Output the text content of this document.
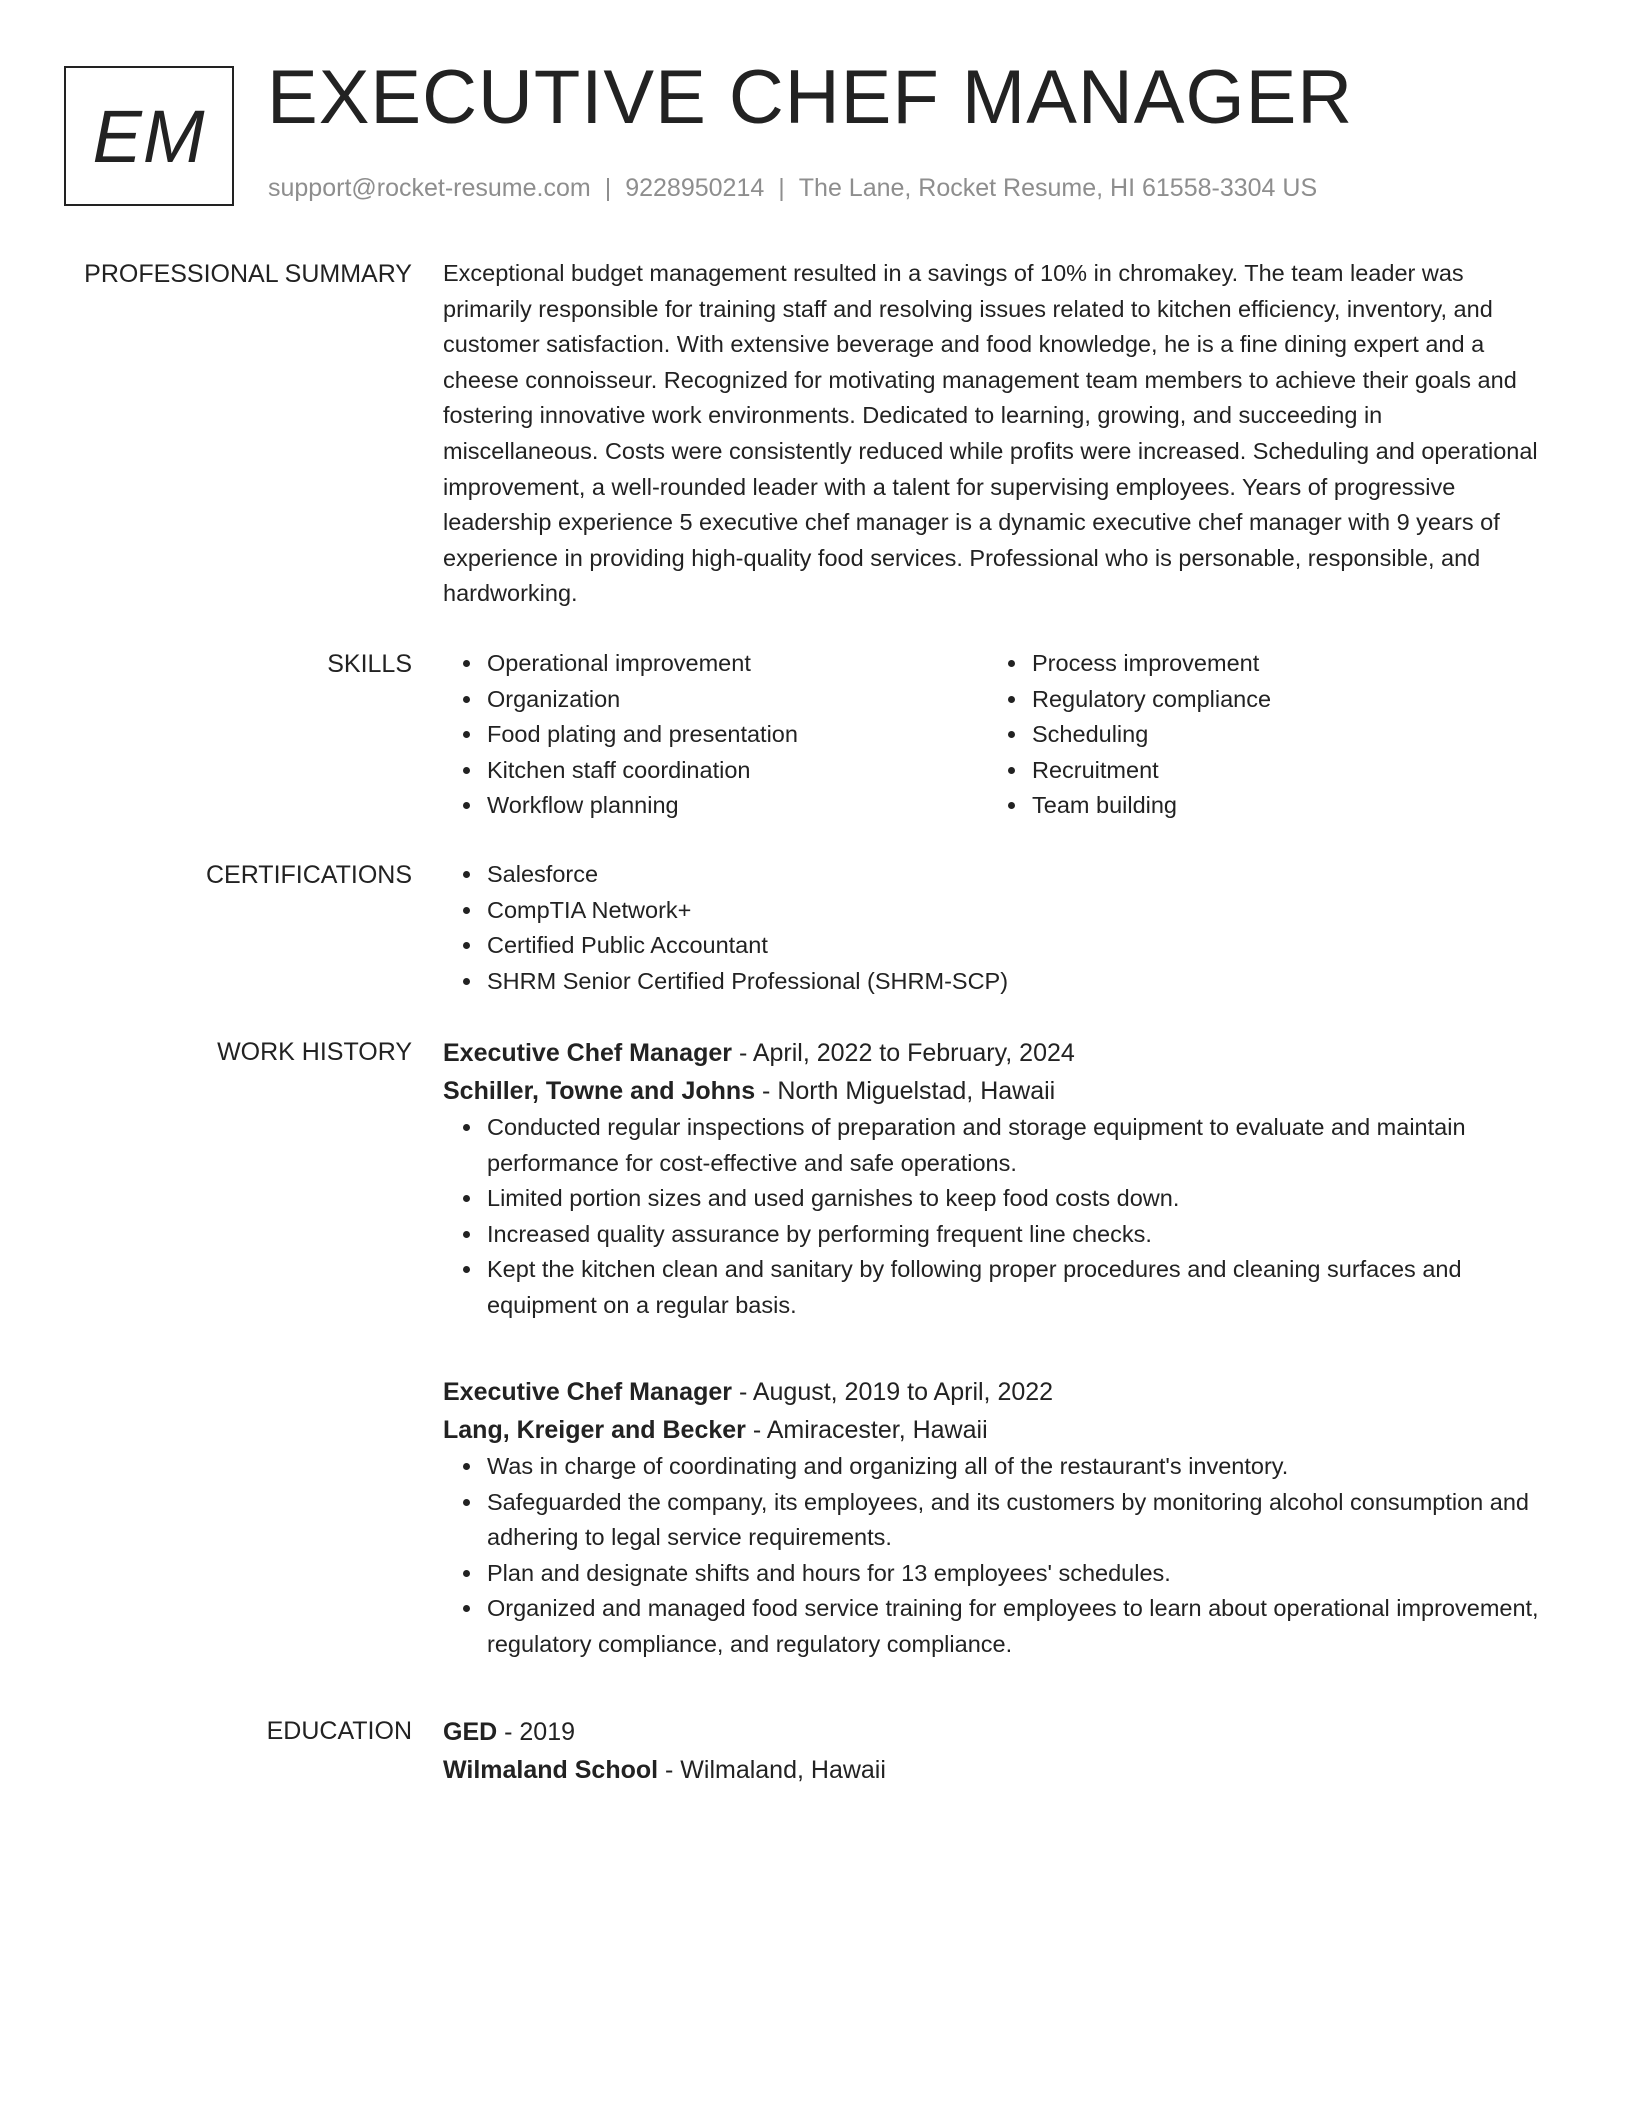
EM EXECUTIVE CHEF MANAGER
support@rocket-resume.com | 9228950214 | The Lane, Rocket Resume, HI 61558-3304 US
PROFESSIONAL SUMMARY Exceptional budget management resulted in a savings of 10% in chromakey. The team leader was primarily responsible for training staff and resolving issues related to kitchen efficiency, inventory, and customer satisfaction. With extensive beverage and food knowledge, he is a fine dining expert and a cheese connoisseur. Recognized for motivating management team members to achieve their goals and fostering innovative work environments. Dedicated to learning, growing, and succeeding in miscellaneous. Costs were consistently reduced while profits were increased. Scheduling and operational improvement, a well-rounded leader with a talent for supervising employees. Years of progressive leadership experience 5 executive chef manager is a dynamic executive chef manager with 9 years of experience in providing high-quality food services. Professional who is personable, responsible, and hardworking.

SKILLS	Operational improvement
Organization
Food plating and presentation
Kitchen staff coordination
Workflow planning
Process improvement
Regulatory compliance
Scheduling
Recruitment
Team building
CERTIFICATIONS	Salesforce
CompTIA Network+
Certified Public Accountant
SHRM Senior Certified Professional (SHRM-SCP)
WORK HISTORY Executive Chef Manager - April, 2022 to February, 2024
Schiller, Towne and Johns - North Miguelstad, Hawaii
Conducted regular inspections of preparation and storage equipment to evaluate and maintain performance for cost-effective and safe operations.
Limited portion sizes and used garnishes to keep food costs down.
Increased quality assurance by performing frequent line checks.
Kept the kitchen clean and sanitary by following proper procedures and cleaning surfaces and equipment on a regular basis.
Executive Chef Manager - August, 2019 to April, 2022
Lang, Kreiger and Becker - Amiracester, Hawaii
Was in charge of coordinating and organizing all of the restaurant's inventory.
Safeguarded the company, its employees, and its customers by monitoring alcohol consumption and adhering to legal service requirements.
Plan and designate shifts and hours for 13 employees' schedules.
Organized and managed food service training for employees to learn about operational improvement, regulatory compliance, and regulatory compliance.
EDUCATION GED - 2019
Wilmaland School - Wilmaland, Hawaii
